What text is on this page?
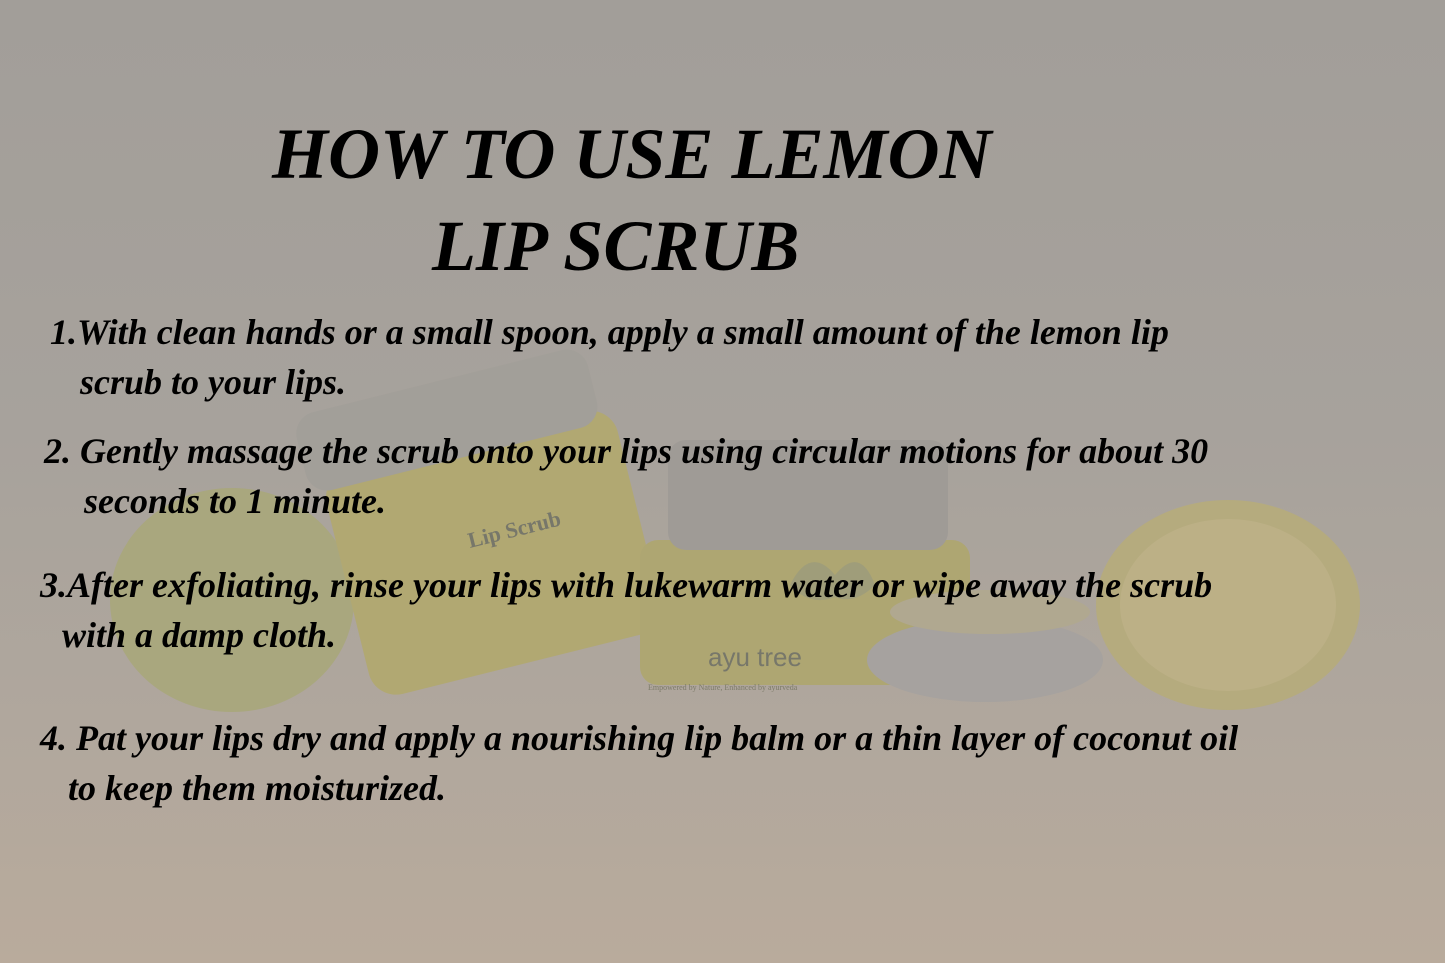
ayu tree
Empowered by Nature, Enhanced by ayurveda
Lip Scrub
HOW TO USE LEMON
LIP SCRUB

1.With clean hands or a small spoon, apply a small amount of the lemon lip
scrub to your lips.

2. Gently massage the scrub onto your lips using circular motions for about 30
seconds to 1 minute.

3.After exfoliating, rinse your lips with lukewarm water or wipe away the scrub
with a damp cloth.

4. Pat your lips dry and apply a nourishing lip balm or a thin layer of coconut oil
to keep them moisturized.
